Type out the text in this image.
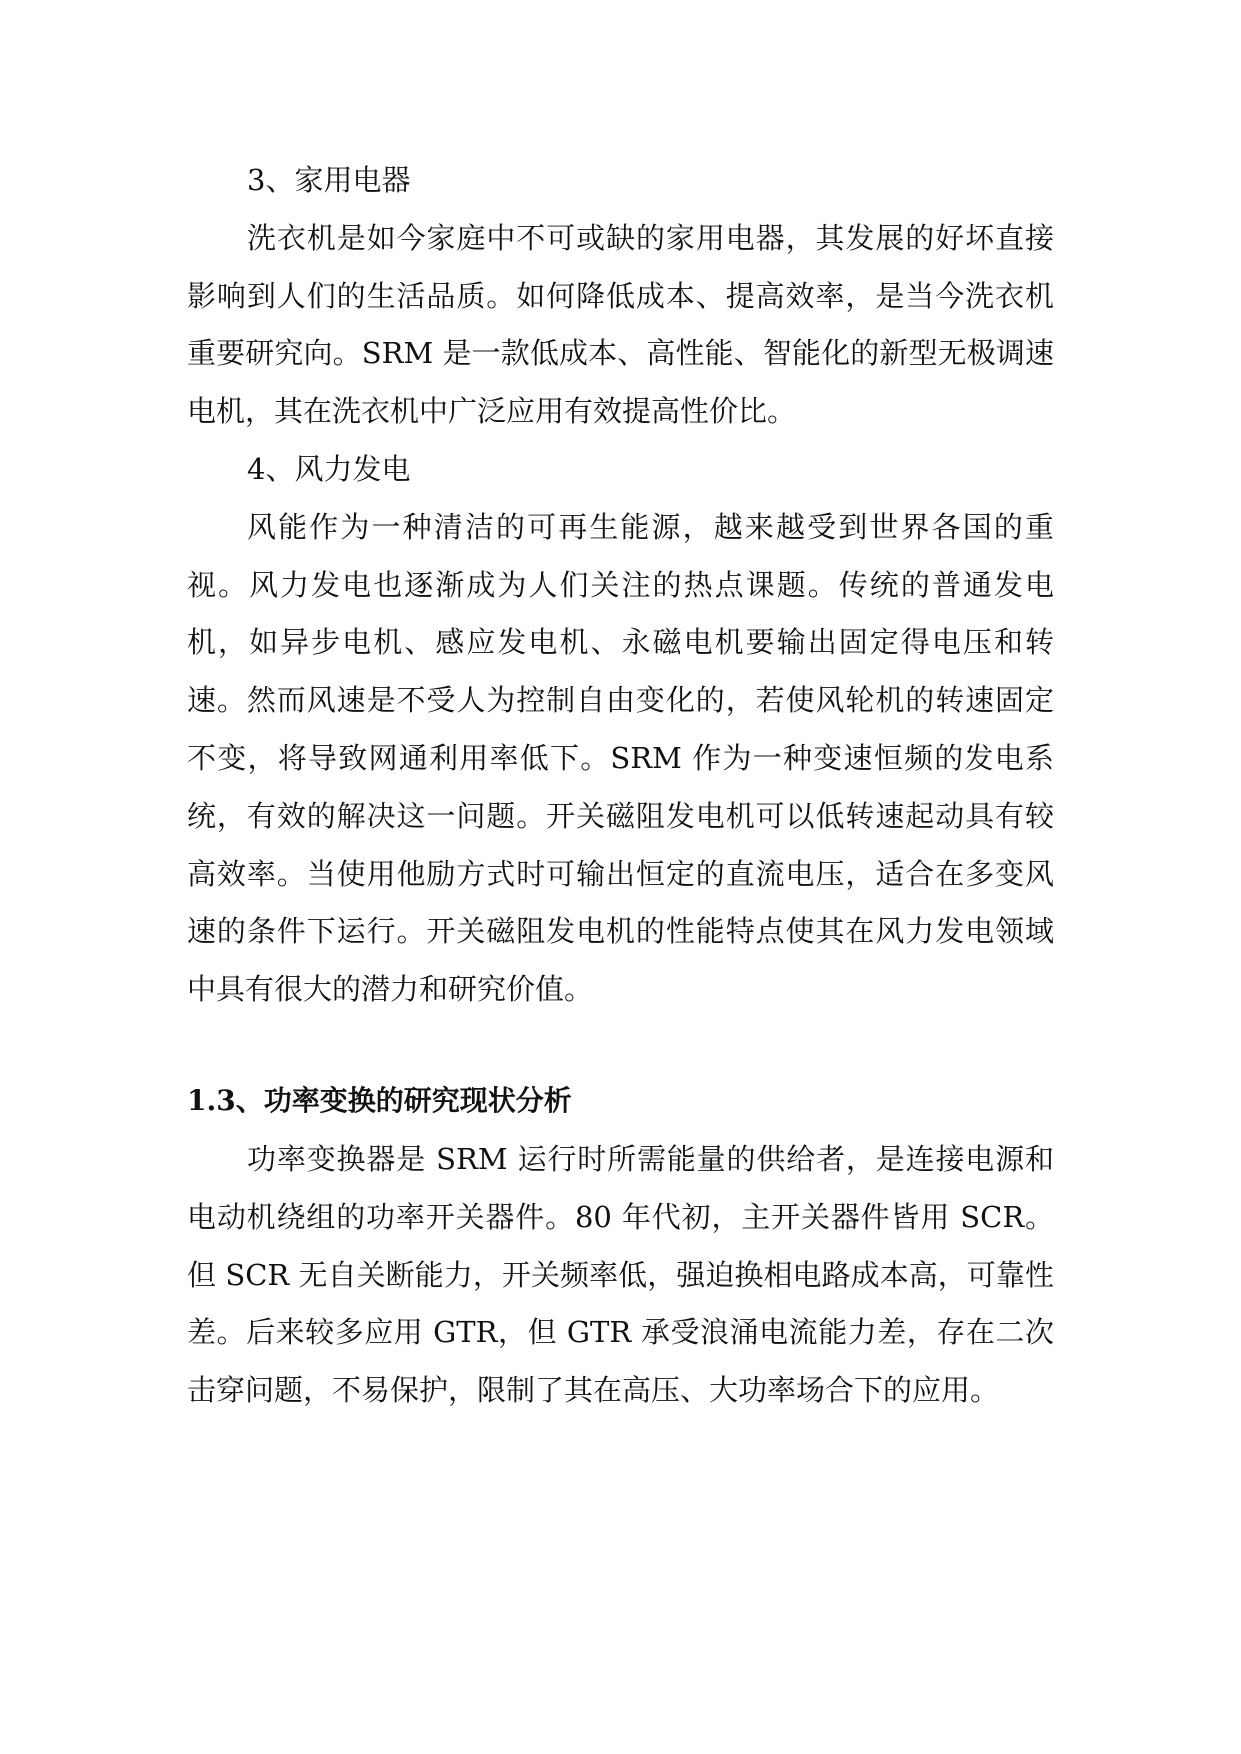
3、家用电器

洗衣机是如今家庭中不可或缺的家用电器，其发展的好坏直接影响到人们的生活品质。如何降低成本、提高效率，是当今洗衣机重要研究向。SRM 是一款低成本、高性能、智能化的新型无极调速电机，其在洗衣机中广泛应用有效提高性价比。

4、风力发电

风能作为一种清洁的可再生能源，越来越受到世界各国的重视。风力发电也逐渐成为人们关注的热点课题。传统的普通发电机，如异步电机、感应发电机、永磁电机要输出固定得电压和转速。然而风速是不受人为控制自由变化的，若使风轮机的转速固定不变，将导致网通利用率低下。SRM 作为一种变速恒频的发电系统，有效的解决这一问题。开关磁阻发电机可以低转速起动具有较高效率。当使用他励方式时可输出恒定的直流电压，适合在多变风速的条件下运行。开关磁阻发电机的性能特点使其在风力发电领域中具有很大的潜力和研究价值。

1.3、功率变换的研究现状分析

功率变换器是 SRM 运行时所需能量的供给者，是连接电源和电动机绕组的功率开关器件。80 年代初，主开关器件皆用 SCR。但 SCR 无自关断能力，开关频率低，强迫换相电路成本高，可靠性差。后来较多应用 GTR，但 GTR 承受浪涌电流能力差，存在二次击穿问题，不易保护，限制了其在高压、大功率场合下的应用。
